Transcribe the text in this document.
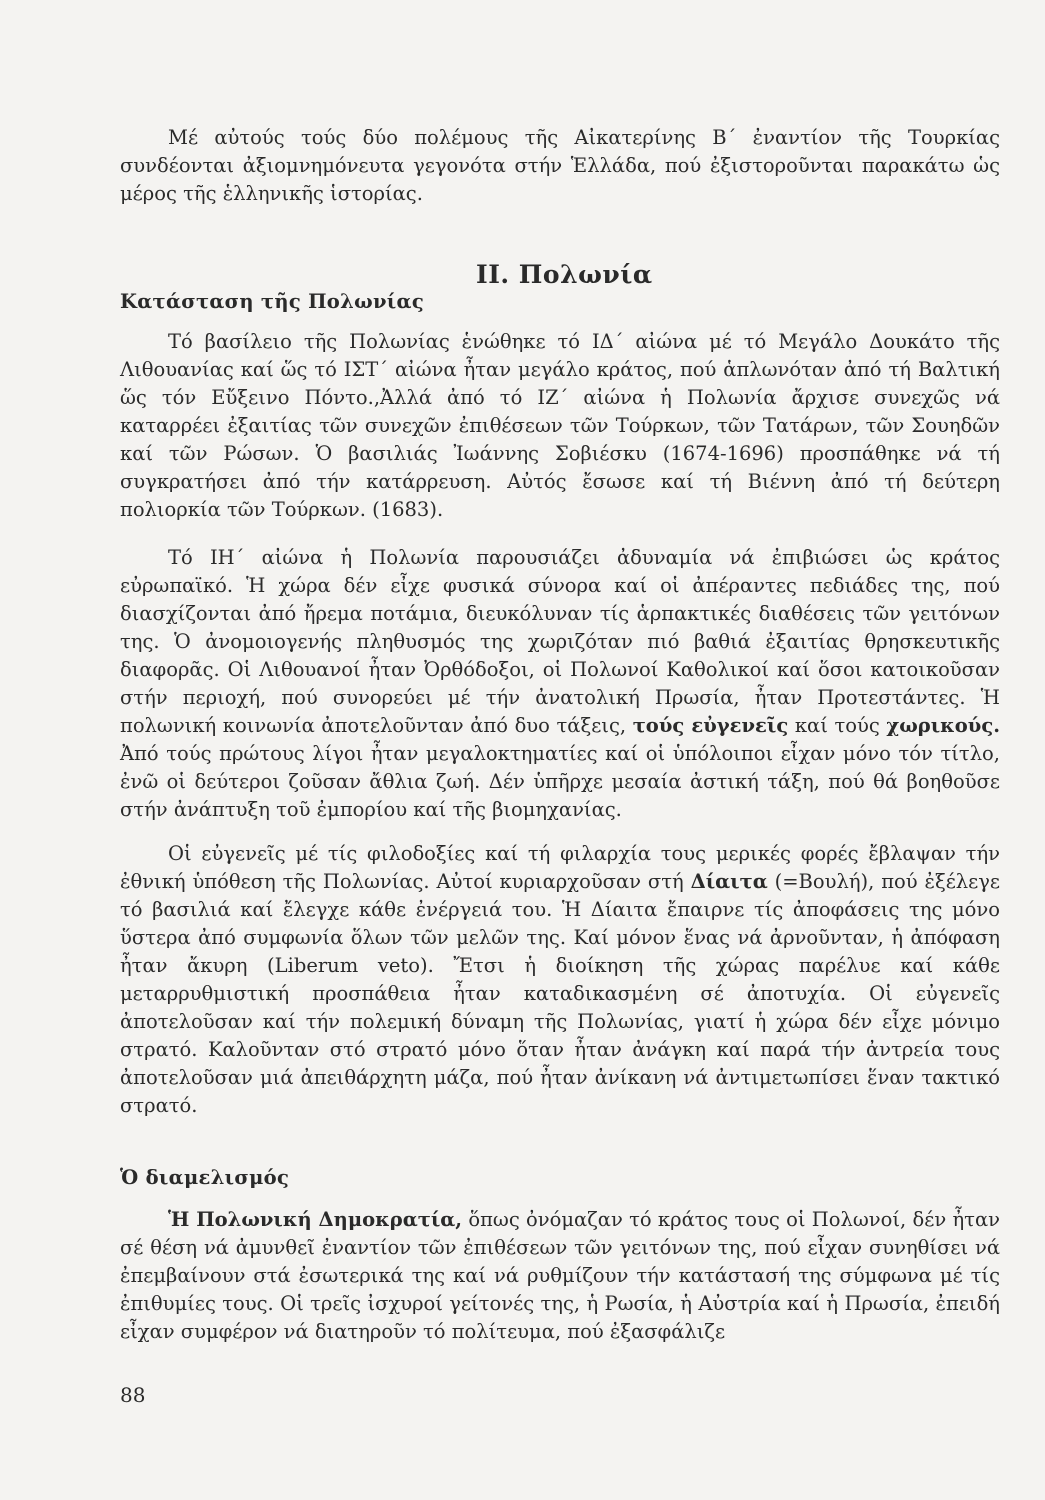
Μέ αὐτούς τούς δύο πολέμους τῆς Αἰκατερίνης Β΄ ἐναντίον τῆς Τουρκίας συνδέονται ἀξιομνημόνευτα γεγονότα στήν Ἑλλάδα, πού ἐξιστοροῦνται παρακάτω ὡς μέρος τῆς ἑλληνικῆς ἱστορίας.

ΙΙ. Πολωνία
Κατάσταση τῆς Πολωνίας

Τό βασίλειο τῆς Πολωνίας ἑνώθηκε τό ΙΔ΄ αἰώνα μέ τό Μεγάλο Δουκάτο τῆς Λιθουανίας καί ὥς τό ΙΣΤ΄ αἰώνα ἦταν μεγάλο κράτος, πού ἁπλωνόταν ἀπό τή Βαλτική ὥς τόν Εὔξεινο Πόντο.,Ἀλλά ἀπό τό ΙΖ΄ αἰώνα ἡ Πολωνία ἄρχισε συνεχῶς νά καταρρέει ἐξαιτίας τῶν συνεχῶν ἐπιθέσεων τῶν Τούρκων, τῶν Τατάρων, τῶν Σουηδῶν καί τῶν Ρώσων. Ὁ βασιλιάς Ἰωάννης Σοβιέσκυ (1674-1696) προσπάθηκε νά τή συγκρατήσει ἀπό τήν κατάρρευση. Αὐτός ἔσωσε καί τή Βιέννη ἀπό τή δεύτερη πολιορκία τῶν Τούρκων. (1683).

Τό ΙΗ΄ αἰώνα ἡ Πολωνία παρουσιάζει ἀδυναμία νά ἐπιβιώσει ὡς κράτος εὐρωπαϊκό. Ἡ χώρα δέν εἶχε φυσικά σύνορα καί οἱ ἀπέραντες πεδιάδες της, πού διασχίζονται ἀπό ἤρεμα ποτάμια, διευκόλυναν τίς ἁρπακτικές διαθέσεις τῶν γειτόνων της. Ὁ ἀνομοιογενής πληθυσμός της χωριζόταν πιό βαθιά ἐξαιτίας θρησκευτικῆς διαφορᾶς. Οἱ Λιθουανοί ἦταν Ὀρθόδοξοι, οἱ Πολωνοί Καθολικοί καί ὅσοι κατοικοῦσαν στήν περιοχή, πού συνορεύει μέ τήν ἀνατολική Πρωσία, ἦταν Προτεστάντες. Ἡ πολωνική κοινωνία ἀποτελοῦνταν ἀπό δυο τάξεις, τούς εὐγενεῖς καί τούς χωρικούς. Ἀπό τούς πρώτους λίγοι ἦταν μεγαλοκτηματίες καί οἱ ὑπόλοιποι εἶχαν μόνο τόν τίτλο, ἐνῶ οἱ δεύτεροι ζοῦσαν ἄθλια ζωή. Δέν ὑπῆρχε μεσαία ἀστική τάξη, πού θά βοηθοῦσε στήν ἀνάπτυξη τοῦ ἐμπορίου καί τῆς βιομηχανίας.

Οἱ εὐγενεῖς μέ τίς φιλοδοξίες καί τή φιλαρχία τους μερικές φορές ἔβλαψαν τήν ἐθνική ὑπόθεση τῆς Πολωνίας. Αὐτοί κυριαρχοῦσαν στή Δίαιτα (=Βουλή), πού ἐξέλεγε τό βασιλιά καί ἔλεγχε κάθε ἐνέργειά του. Ἡ Δίαιτα ἔπαιρνε τίς ἀποφάσεις της μόνο ὕστερα ἀπό συμφωνία ὅλων τῶν μελῶν της. Καί μόνον ἕνας νά ἀρνοῦνταν, ἡ ἀπόφαση ἦταν ἄκυρη (Liberum veto). Ἔτσι ἡ διοίκηση τῆς χώρας παρέλυε καί κάθε μεταρρυθμιστική προσπάθεια ἦταν καταδικασμένη σέ ἀποτυχία. Οἱ εὐγενεῖς ἀποτελοῦσαν καί τήν πολεμική δύναμη τῆς Πολωνίας, γιατί ἡ χώρα δέν εἶχε μόνιμο στρατό. Καλοῦνταν στό στρατό μόνο ὅταν ἦταν ἀνάγκη καί παρά τήν ἀντρεία τους ἀποτελοῦσαν μιά ἀπειθάρχητη μάζα, πού ἦταν ἀνίκανη νά ἀντιμετωπίσει ἕναν τακτικό στρατό.

Ὁ διαμελισμός

Ἡ Πολωνική Δημοκρατία, ὅπως ὀνόμαζαν τό κράτος τους οἱ Πολωνοί, δέν ἦταν σέ θέση νά ἀμυνθεῖ ἐναντίον τῶν ἐπιθέσεων τῶν γειτόνων της, πού εἶχαν συνηθίσει νά ἐπεμβαίνουν στά ἐσωτερικά της καί νά ρυθμίζουν τήν κατάστασή της σύμφωνα μέ τίς ἐπιθυμίες τους. Οἱ τρεῖς ἰσχυροί γείτονές της, ἡ Ρωσία, ἡ Αὐστρία καί ἡ Πρωσία, ἐπειδή εἶχαν συμφέρον νά διατηροῦν τό πολίτευμα, πού ἐξασφάλιζε

88
